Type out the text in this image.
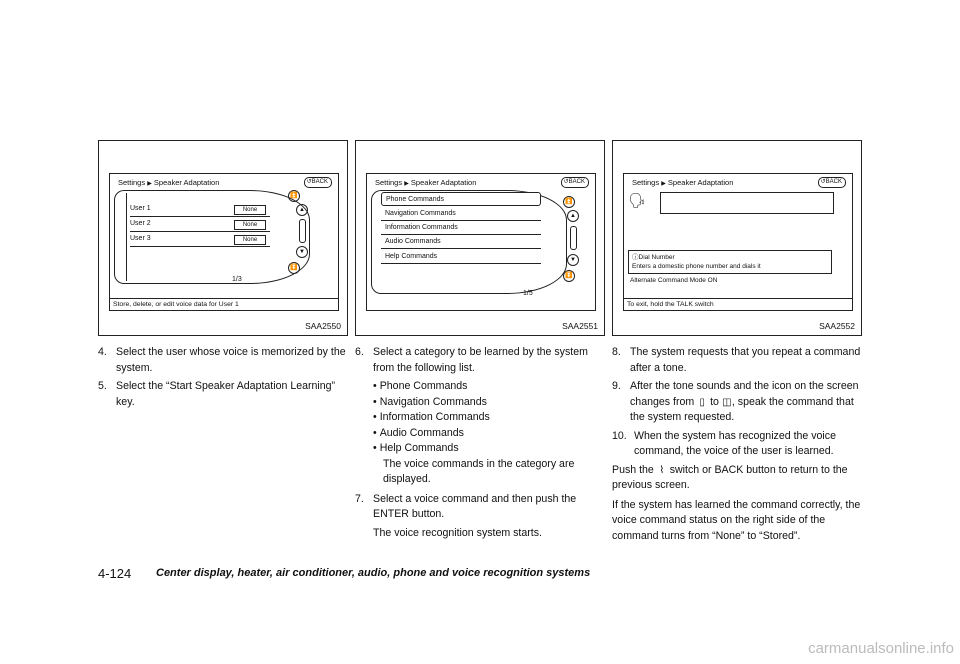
Settings ▶ Speaker Adaptation	↺BACK
User 1	None
User 2	None
User 3	None
⏫
▲
▼
⏬
1/3
Store, delete, or edit voice data for User 1
SAA2550
Settings ▶ Speaker Adaptation	↺BACK
Phone Commands
Navigation Commands
Information Commands
Audio Commands
Help Commands
⏫
▲
▼
⏬
1/5
SAA2551
Settings ▶ Speaker Adaptation	↺BACK
🗣
ⓘDial Number
Enters a domestic phone number and dials it
Alternate Command Mode ON
To exit, hold the TALK switch
SAA2552
4. Select the user whose voice is memorized by the system.
5. Select the “Start Speaker Adaptation Learning” key.
6. Select a category to be learned by the system from the following list.
• Phone Commands
• Navigation Commands
• Information Commands
• Audio Commands
• Help Commands
The voice commands in the category are displayed.
7. Select a voice command and then push the ENTER button.
The voice recognition system starts.
8. The system requests that you repeat a command after a tone.
9. After the tone sounds and the icon on the screen changes from ▯ to ◫, speak the command that the system requested.
10. When the system has recognized the voice command, the voice of the user is learned.

Push the ⌇ switch or BACK button to return to the previous screen.

If the system has learned the command correctly, the voice command status on the right side of the command turns from “None” to “Stored”.

4-124 Center display, heater, air conditioner, audio, phone and voice recognition systems
carmanualsonline.info
